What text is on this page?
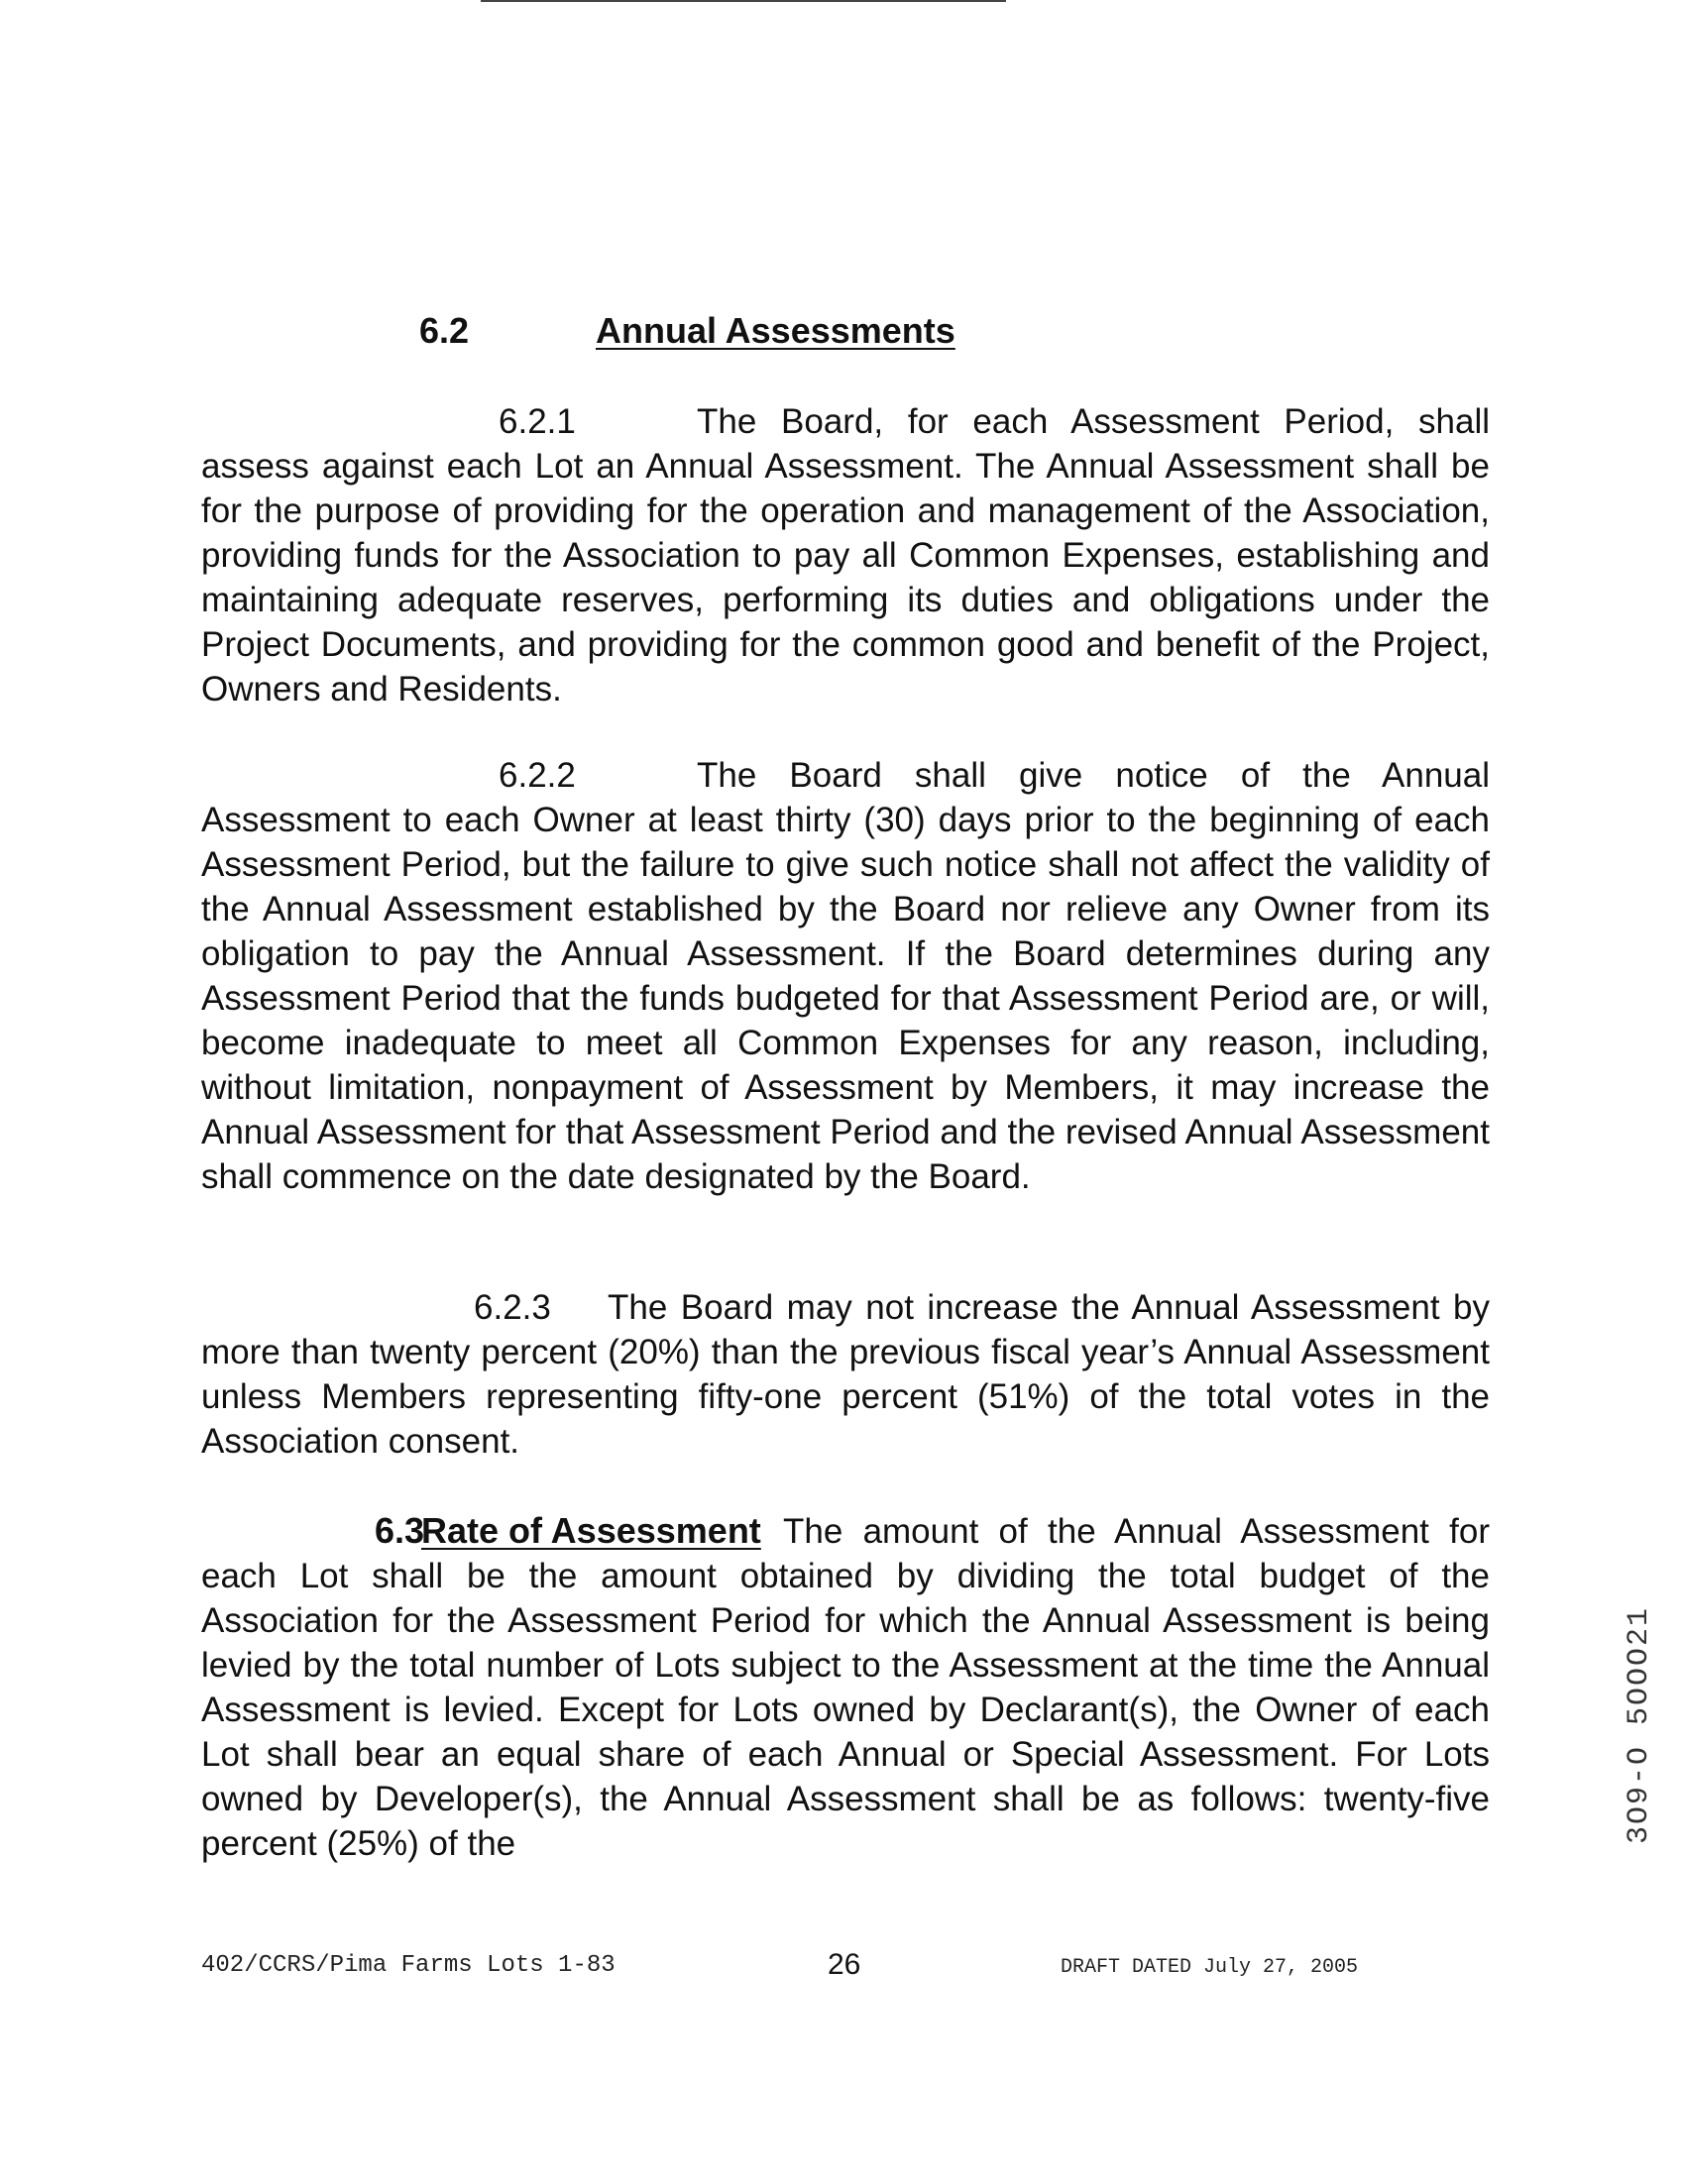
6.2	Annual Assessments
6.2.1	The Board, for each Assessment Period, shall assess against each Lot an Annual Assessment. The Annual Assessment shall be for the purpose of providing for the operation and management of the Association, providing funds for the Association to pay all Common Expenses, establishing and maintaining adequate reserves, performing its duties and obligations under the Project Documents, and providing for the common good and benefit of the Project, Owners and Residents.
6.2.2	The Board shall give notice of the Annual Assessment to each Owner at least thirty (30) days prior to the beginning of each Assessment Period, but the failure to give such notice shall not affect the validity of the Annual Assessment established by the Board nor relieve any Owner from its obligation to pay the Annual Assessment. If the Board determines during any Assessment Period that the funds budgeted for that Assessment Period are, or will, become inadequate to meet all Common Expenses for any reason, including, without limitation, nonpayment of Assessment by Members, it may increase the Annual Assessment for that Assessment Period and the revised Annual Assessment shall commence on the date designated by the Board.
6.2.3 The Board may not increase the Annual Assessment by more than twenty percent (20%) than the previous fiscal year’s Annual Assessment unless Members representing fifty-one percent (51%) of the total votes in the Association consent.
6.3Rate of Assessment The amount of the Annual Assessment for each Lot shall be the amount obtained by dividing the total budget of the Association for the Assessment Period for which the Annual Assessment is being levied by the total number of Lots subject to the Assessment at the time the Annual Assessment is levied. Except for Lots owned by Declarant(s), the Owner of each Lot shall bear an equal share of each Annual or Special Assessment. For Lots owned by Developer(s), the Annual Assessment shall be as follows: twenty-five percent (25%) of the
402/CCRS/Pima Farms Lots 1-83	26	DRAFT DATED July 27, 2005
3O9-O 5OOO21
